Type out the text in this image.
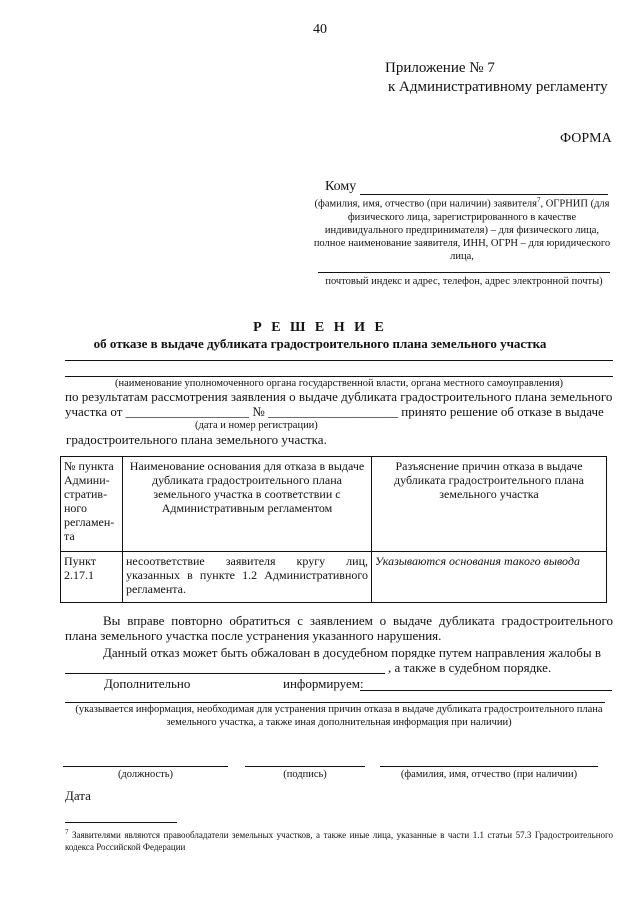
40
Приложение № 7
к Административному регламенту
ФОРМА
Кому
(фамилия, имя, отчество (при наличии) заявителя$^7$, ОГРНИП (для физического лица, зарегистрированного в качестве индивидуального предпринимателя) – для физического лица, полное наименование заявителя, ИНН, ОГРН – для юридического лица,
почтовый индекс и адрес, телефон, адрес электронной почты)
Р Е Ш Е Н И Е
об отказе в выдаче дубликата градостроительного плана земельного участка
(наименование уполномоченного органа государственной власти, органа местного самоуправления)
по результатам рассмотрения заявления о выдаче дубликата градостроительного плана земельного
участка от ___________________ № ____________________ принято решение об отказе в выдаче
(дата и номер регистрации)
градостроительного плана земельного участка.
№ пункта Админи-стратив-ного регламен-та	Наименование основания для отказа в выдаче дубликата градостроительного плана земельного участка в соответствии с Административным регламентом	Разъяснение причин отказа в выдаче дубликата градостроительного плана земельного участка
Пункт 2.17.1	несоответствие заявителя кругу лиц, указанных в пункте 1.2 Административного регламента.	Указываются основания такого вывода
Вы вправе повторно обратиться с заявлением о выдаче дубликата градостроительного плана земельного участка после устранения указанного нарушения.
Данный отказ может быть обжалован в досудебном порядке путем направления жалобы в
, а также в судебном порядке.
Дополнительно	информируем:
(указывается информация, необходимая для устранения причин отказа в выдаче дубликата градостроительного плана земельного участка, а также иная дополнительная информация при наличии)
(должность)	(подпись)	(фамилия, имя, отчество (при наличии)
Дата
$^7$ Заявителями являются правообладатели земельных участков, а также иные лица, указанные в части 1.1 статьи 57.3 Градостроительного кодекса Российской Федерации
